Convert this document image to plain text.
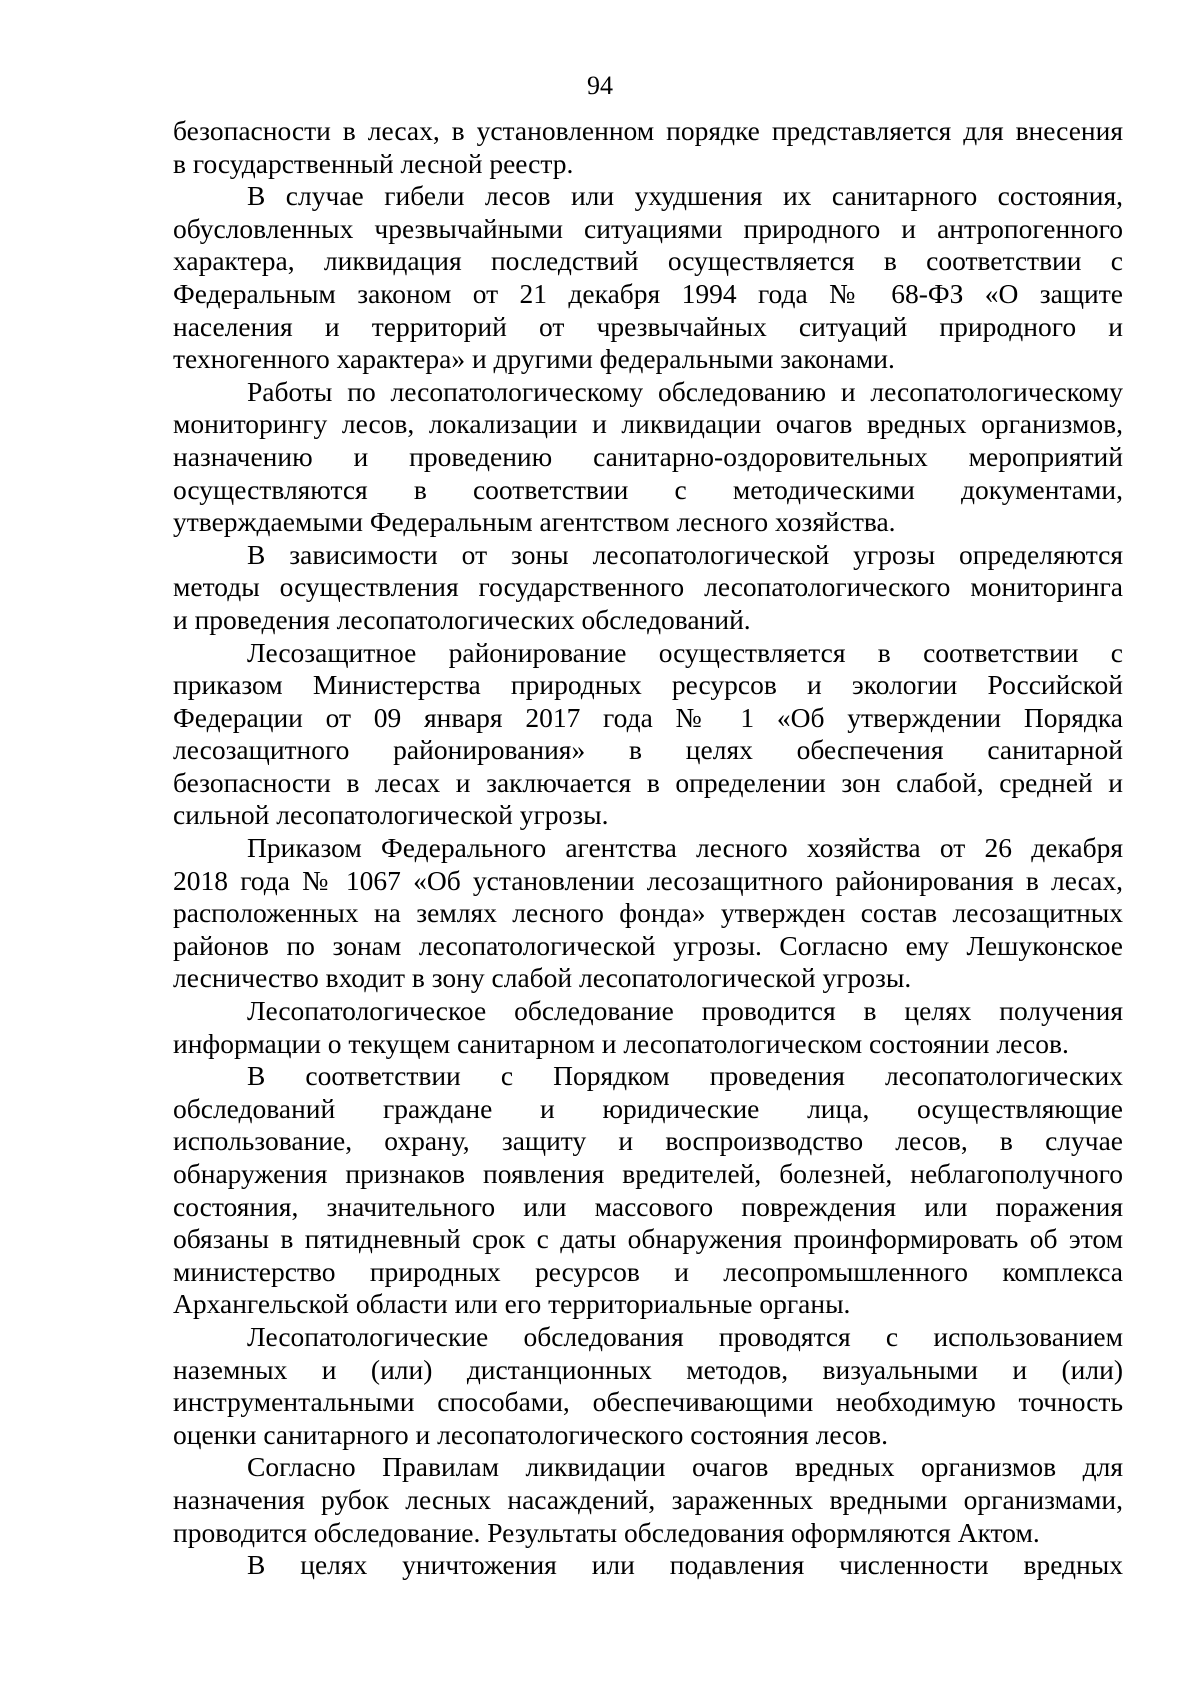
94
безопасности в лесах, в установленном порядке представляется для внесения
в государственный лесной реестр.
В случае гибели лесов или ухудшения их санитарного состояния,
обусловленных чрезвычайными ситуациями природного и антропогенного
характера, ликвидация последствий осуществляется в соответствии с
Федеральным законом от 21 декабря 1994 года № 68-ФЗ «О защите
населения и территорий от чрезвычайных ситуаций природного и
техногенного характера» и другими федеральными законами.
Работы по лесопатологическому обследованию и лесопатологическому
мониторингу лесов, локализации и ликвидации очагов вредных организмов,
назначению и проведению санитарно-оздоровительных мероприятий
осуществляются в соответствии с методическими документами,
утверждаемыми Федеральным агентством лесного хозяйства.
В зависимости от зоны лесопатологической угрозы определяются
методы осуществления государственного лесопатологического мониторинга
и проведения лесопатологических обследований.
Лесозащитное районирование осуществляется в соответствии с
приказом Министерства природных ресурсов и экологии Российской
Федерации от 09 января 2017 года № 1 «Об утверждении Порядка
лесозащитного районирования» в целях обеспечения санитарной
безопасности в лесах и заключается в определении зон слабой, средней и
сильной лесопатологической угрозы.
Приказом Федерального агентства лесного хозяйства от 26 декабря
2018 года № 1067 «Об установлении лесозащитного районирования в лесах,
расположенных на землях лесного фонда» утвержден состав лесозащитных
районов по зонам лесопатологической угрозы. Согласно ему Лешуконское
лесничество входит в зону слабой лесопатологической угрозы.
Лесопатологическое обследование проводится в целях получения
информации о текущем санитарном и лесопатологическом состоянии лесов.
В соответствии с Порядком проведения лесопатологических
обследований граждане и юридические лица, осуществляющие
использование, охрану, защиту и воспроизводство лесов, в случае
обнаружения признаков появления вредителей, болезней, неблагополучного
состояния, значительного или массового повреждения или поражения
обязаны в пятидневный срок с даты обнаружения проинформировать об этом
министерство природных ресурсов и лесопромышленного комплекса
Архангельской области или его территориальные органы.
Лесопатологические обследования проводятся с использованием
наземных и (или) дистанционных методов, визуальными и (или)
инструментальными способами, обеспечивающими необходимую точность
оценки санитарного и лесопатологического состояния лесов.
Согласно Правилам ликвидации очагов вредных организмов для
назначения рубок лесных насаждений, зараженных вредными организмами,
проводится обследование. Результаты обследования оформляются Актом.
В целях уничтожения или подавления численности вредных
